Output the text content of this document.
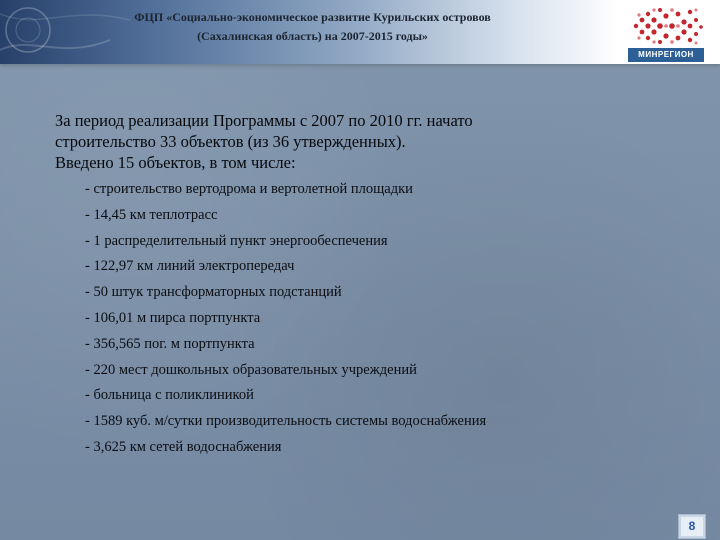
ФЦП «Социально-экономическое развитие Курильских островов
(Сахалинская область) на 2007-2015 годы»
МИНРЕГИОН

За период реализации Программы с 2007 по 2010 гг. начато

строительство 33 объектов (из 36 утвержденных).

Введено 15 объектов, в том числе:

- строительство вертодрома и вертолетной площадки
- 14,45 км теплотрасс
- 1 распределительный пункт энергообеспечения
- 122,97 км линий электропередач
- 50 штук трансформаторных подстанций
- 106,01 м пирса портпункта
- 356,565 пог. м портпункта
- 220 мест дошкольных образовательных учреждений
- больница с поликлиникой
- 1589 куб. м/сутки производительность системы водоснабжения
- 3,625 км сетей водоснабжения
8
